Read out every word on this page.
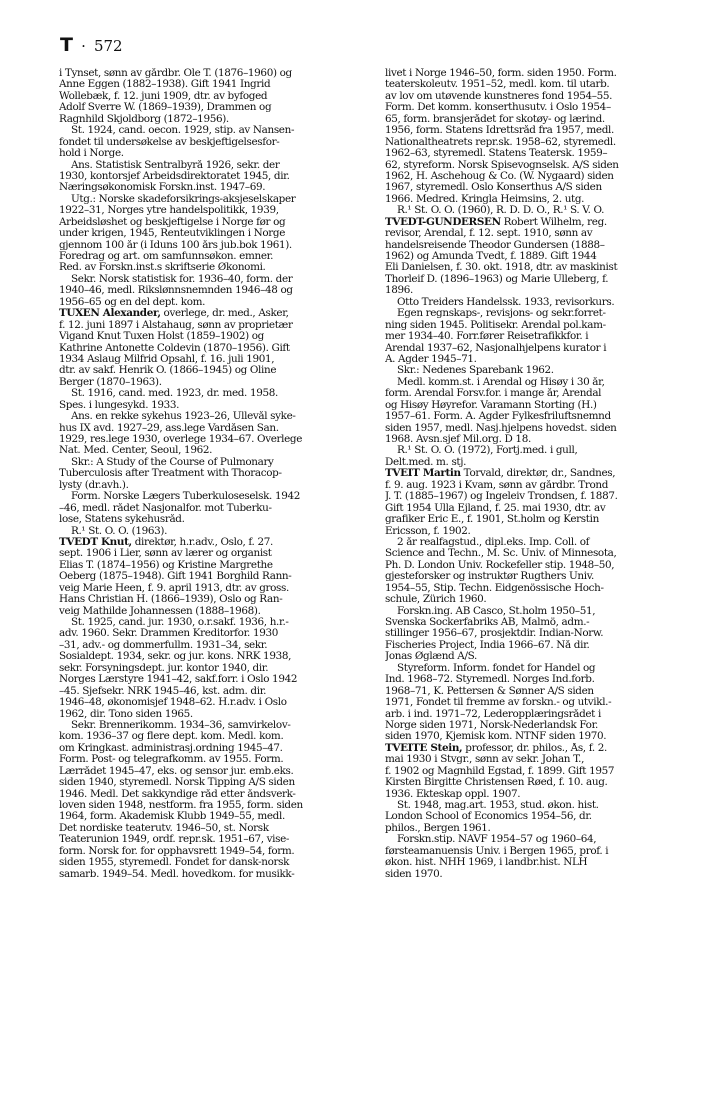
T · 572
i Tynset, sønn av gårdbr. Ole T. (1876–1960) og
Anne Eggen (1882–1938). Gift 1941 Ingrid
Wollebæk, f. 12. juni 1909, dtr. av byfoged
Adolf Sverre W. (1869–1939), Drammen og
Ragnhild Skjoldborg (1872–1956).
St. 1924, cand. oecon. 1929, stip. av Nansen-
fondet til undersøkelse av beskjeftigelsesfor-
hold i Norge.
Ans. Statistisk Sentralbyrå 1926, sekr. der
1930, kontorsjef Arbeidsdirektoratet 1945, dir.
Næringsøkonomisk Forskn.inst. 1947–69.
Utg.: Norske skadeforsikrings-aksjeselskaper
1922–31, Norges ytre handelspolitikk, 1939,
Arbeidsløshet og beskjeftigelse i Norge før og
under krigen, 1945, Renteutviklingen i Norge
gjennom 100 år (i Iduns 100 års jub.bok 1961).
Foredrag og art. om samfunnsøkon. emner.
Red. av Forskn.inst.s skriftserie Økonomi.
Sekr. Norsk statistisk for. 1936–40, form. der
1940–46, medl. Rikslønnsnemnden 1946–48 og
1956–65 og en del dept. kom.
TUXEN Alexander, overlege, dr. med., Asker,
f. 12. juni 1897 i Alstahaug, sønn av proprietær
Vigand Knut Tuxen Holst (1859–1902) og
Kathrine Antonette Coldevin (1870–1956). Gift
1934 Aslaug Milfrid Opsahl, f. 16. juli 1901,
dtr. av sakf. Henrik O. (1866–1945) og Oline
Berger (1870–1963).
St. 1916, cand. med. 1923, dr. med. 1958.
Spes. i lungesykd. 1933.
Ans. en rekke sykehus 1923–26, Ullevål syke-
hus IX avd. 1927–29, ass.lege Vardåsen San.
1929, res.lege 1930, overlege 1934–67. Overlege
Nat. Med. Center, Seoul, 1962.
Skr.: A Study of the Course of Pulmonary
Tuberculosis after Treatment with Thoracop-
lysty (dr.avh.).
Form. Norske Lægers Tuberkuloseselsk. 1942
–46, medl. rådet Nasjonalfor. mot Tuberku-
lose, Statens sykehusråd.
R.¹ St. O. O. (1963).
TVEDT Knut, direktør, h.r.adv., Oslo, f. 27.
sept. 1906 i Lier, sønn av lærer og organist
Elias T. (1874–1956) og Kristine Margrethe
Oeberg (1875–1948). Gift 1941 Borghild Rann-
veig Marie Heen, f. 9. april 1913, dtr. av gross.
Hans Christian H. (1866–1939), Oslo og Ran-
veig Mathilde Johannessen (1888–1968).
St. 1925, cand. jur. 1930, o.r.sakf. 1936, h.r.-
adv. 1960. Sekr. Drammen Kreditorfor. 1930
–31, adv.- og dommerfullm. 1931–34, sekr.
Sosialdept. 1934, sekr. og jur. kons. NRK 1938,
sekr. Forsyningsdept. jur. kontor 1940, dir.
Norges Lærstyre 1941–42, sakf.forr. i Oslo 1942
–45. Sjefsekr. NRK 1945–46, kst. adm. dir.
1946–48, økonomisjef 1948–62. H.r.adv. i Oslo
1962, dir. Tono siden 1965.
Sekr. Brennerikomm. 1934–36, samvirkelov-
kom. 1936–37 og flere dept. kom. Medl. kom.
om Kringkast. administrasj.ordning 1945–47.
Form. Post- og telegrafkomm. av 1955. Form.
Lærrådet 1945–47, eks. og sensor jur. emb.eks.
siden 1940, styremedl. Norsk Tipping A/S siden
1946. Medl. Det sakkyndige råd etter åndsverk-
loven siden 1948, nestform. fra 1955, form. siden
1964, form. Akademisk Klubb 1949–55, medl.
Det nordiske teaterutv. 1946–50, st. Norsk
Teaterunion 1949, ordf. repr.sk. 1951–67, vise-
form. Norsk for. for opphavsrett 1949–54, form.
siden 1955, styremedl. Fondet for dansk-norsk
samarb. 1949–54. Medl. hovedkom. for musikk-
livet i Norge 1946–50, form. siden 1950. Form.
teaterskoleutv. 1951–52, medl. kom. til utarb.
av lov om utøvende kunstneres fond 1954–55.
Form. Det komm. konserthusutv. i Oslo 1954–
65, form. bransjerådet for skotøy- og lærind.
1956, form. Statens Idrettsråd fra 1957, medl.
Nationaltheatrets repr.sk. 1958–62, styremedl.
1962–63, styremedl. Statens Teatersk. 1959–
62, styreform. Norsk Spisevognselsk. A/S siden
1962, H. Aschehoug & Co. (W. Nygaard) siden
1967, styremedl. Oslo Konserthus A/S siden
1966. Medred. Kringla Heimsins, 2. utg.
R.¹ St. O. O. (1960), R. D. D. O., R.¹ S. V. O.
TVEDT-GUNDERSEN Robert Wilhelm, reg.
revisor, Arendal, f. 12. sept. 1910, sønn av
handelsreisende Theodor Gundersen (1888–
1962) og Amunda Tvedt, f. 1889. Gift 1944
Eli Danielsen, f. 30. okt. 1918, dtr. av maskinist
Thorleif D. (1896–1963) og Marie Ulleberg, f.
1896.
Otto Treiders Handelssk. 1933, revisorkurs.
Egen regnskaps-, revisjons- og sekr.forret-
ning siden 1945. Politisekr. Arendal pol.kam-
mer 1934–40. Forr.fører Reisetrafikkfor. i
Arendal 1937–62, Nasjonalhjelpens kurator i
A. Agder 1945–71.
Skr.: Nedenes Sparebank 1962.
Medl. komm.st. i Arendal og Hisøy i 30 år,
form. Arendal Forsv.for. i mange år, Arendal
og Hisøy Høyrefor. Varamann Storting (H.)
1957–61. Form. A. Agder Fylkesfriluftsnemnd
siden 1957, medl. Nasj.hjelpens hovedst. siden
1968. Avsn.sjef Mil.org. D 18.
R.¹ St. O. O. (1972), Fortj.med. i gull,
Delt.med. m. stj.
TVEIT Martin Torvald, direktør, dr., Sandnes,
f. 9. aug. 1923 i Kvam, sønn av gårdbr. Trond
J. T. (1885–1967) og Ingeleiv Trondsen, f. 1887.
Gift 1954 Ulla Ejland, f. 25. mai 1930, dtr. av
grafiker Eric E., f. 1901, St.holm og Kerstin
Ericsson, f. 1902.
2 år realfagstud., dipl.eks. Imp. Coll. of
Science and Techn., M. Sc. Univ. of Minnesota,
Ph. D. London Univ. Rockefeller stip. 1948–50,
gjesteforsker og instruktør Rugthers Univ.
1954–55, Stip. Techn. Eidgenössische Hoch-
schule, Zürich 1960.
Forskn.ing. AB Casco, St.holm 1950–51,
Svenska Sockerfabriks AB, Malmö, adm.-
stillinger 1956–67, prosjektdir. Indian-Norw.
Fischeries Project, India 1966–67. Nå dir.
Jonas Øglænd A/S.
Styreform. Inform. fondet for Handel og
Ind. 1968–72. Styremedl. Norges Ind.forb.
1968–71, K. Pettersen & Sønner A/S siden
1971, Fondet til fremme av forskn.- og utvikl.-
arb. i ind. 1971–72, Lederopplæringsrådet i
Norge siden 1971, Norsk-Nederlandsk For.
siden 1970, Kjemisk kom. NTNF siden 1970.
TVEITE Stein, professor, dr. philos., Ås, f. 2.
mai 1930 i Stvgr., sønn av sekr. Johan T.,
f. 1902 og Magnhild Egstad, f. 1899. Gift 1957
Kirsten Birgitte Christensen Røed, f. 10. aug.
1936. Ekteskap oppl. 1907.
St. 1948, mag.art. 1953, stud. økon. hist.
London School of Economics 1954–56, dr.
philos., Bergen 1961.
Forskn.stip. NAVF 1954–57 og 1960–64,
førsteamanuensis Univ. i Bergen 1965, prof. i
økon. hist. NHH 1969, i landbr.hist. NLH
siden 1970.
